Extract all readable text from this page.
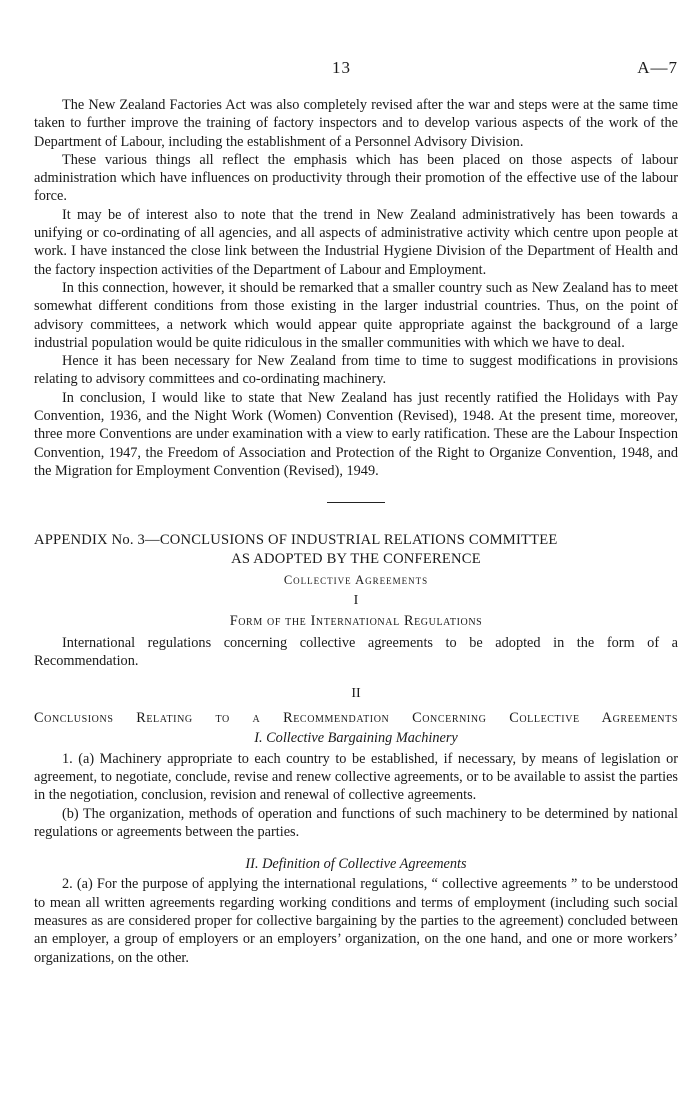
13	A—7

The New Zealand Factories Act was also completely revised after the war and steps were at the same time taken to further improve the training of factory inspectors and to develop various aspects of the work of the Department of Labour, including the establishment of a Personnel Advisory Division.

These various things all reflect the emphasis which has been placed on those aspects of labour administration which have influences on productivity through their promotion of the effective use of the labour force.

It may be of interest also to note that the trend in New Zealand administratively has been towards a unifying or co-ordinating of all agencies, and all aspects of administrative activity which centre upon people at work. I have instanced the close link between the Industrial Hygiene Division of the Department of Health and the factory inspection activities of the Department of Labour and Employment.

In this connection, however, it should be remarked that a smaller country such as New Zealand has to meet somewhat different conditions from those existing in the larger industrial countries. Thus, on the point of advisory committees, a network which would appear quite appropriate against the background of a large industrial population would be quite ridiculous in the smaller communities with which we have to deal.

Hence it has been necessary for New Zealand from time to time to suggest modifications in provisions relating to advisory committees and co-ordinating machinery.

In conclusion, I would like to state that New Zealand has just recently ratified the Holidays with Pay Convention, 1936, and the Night Work (Women) Convention (Revised), 1948. At the present time, moreover, three more Conventions are under examination with a view to early ratification. These are the Labour Inspection Convention, 1947, the Freedom of Association and Protection of the Right to Organize Convention, 1948, and the Migration for Employment Convention (Revised), 1949.

APPENDIX No. 3—CONCLUSIONS OF INDUSTRIAL RELATIONS COMMITTEE
AS ADOPTED BY THE CONFERENCE
Collective Agreements
I
Form of the International Regulations

International regulations concerning collective agreements to be adopted in the form of a Recommendation.

II
Conclusions Relating to a Recommendation Concerning Collective Agreements
I. Collective Bargaining Machinery

1. (a) Machinery appropriate to each country to be established, if necessary, by means of legislation or agreement, to negotiate, conclude, revise and renew collective agreements, or to be available to assist the parties in the negotiation, conclusion, revision and renewal of collective agreements.

(b) The organization, methods of operation and functions of such machinery to be determined by national regulations or agreements between the parties.

II. Definition of Collective Agreements

2. (a) For the purpose of applying the international regulations, “ collective agreements ” to be understood to mean all written agreements regarding working conditions and terms of employment (including such social measures as are considered proper for collective bargaining by the parties to the agreement) concluded between an employer, a group of employers or an employers’ organization, on the one hand, and one or more workers’ organizations, on the other.
